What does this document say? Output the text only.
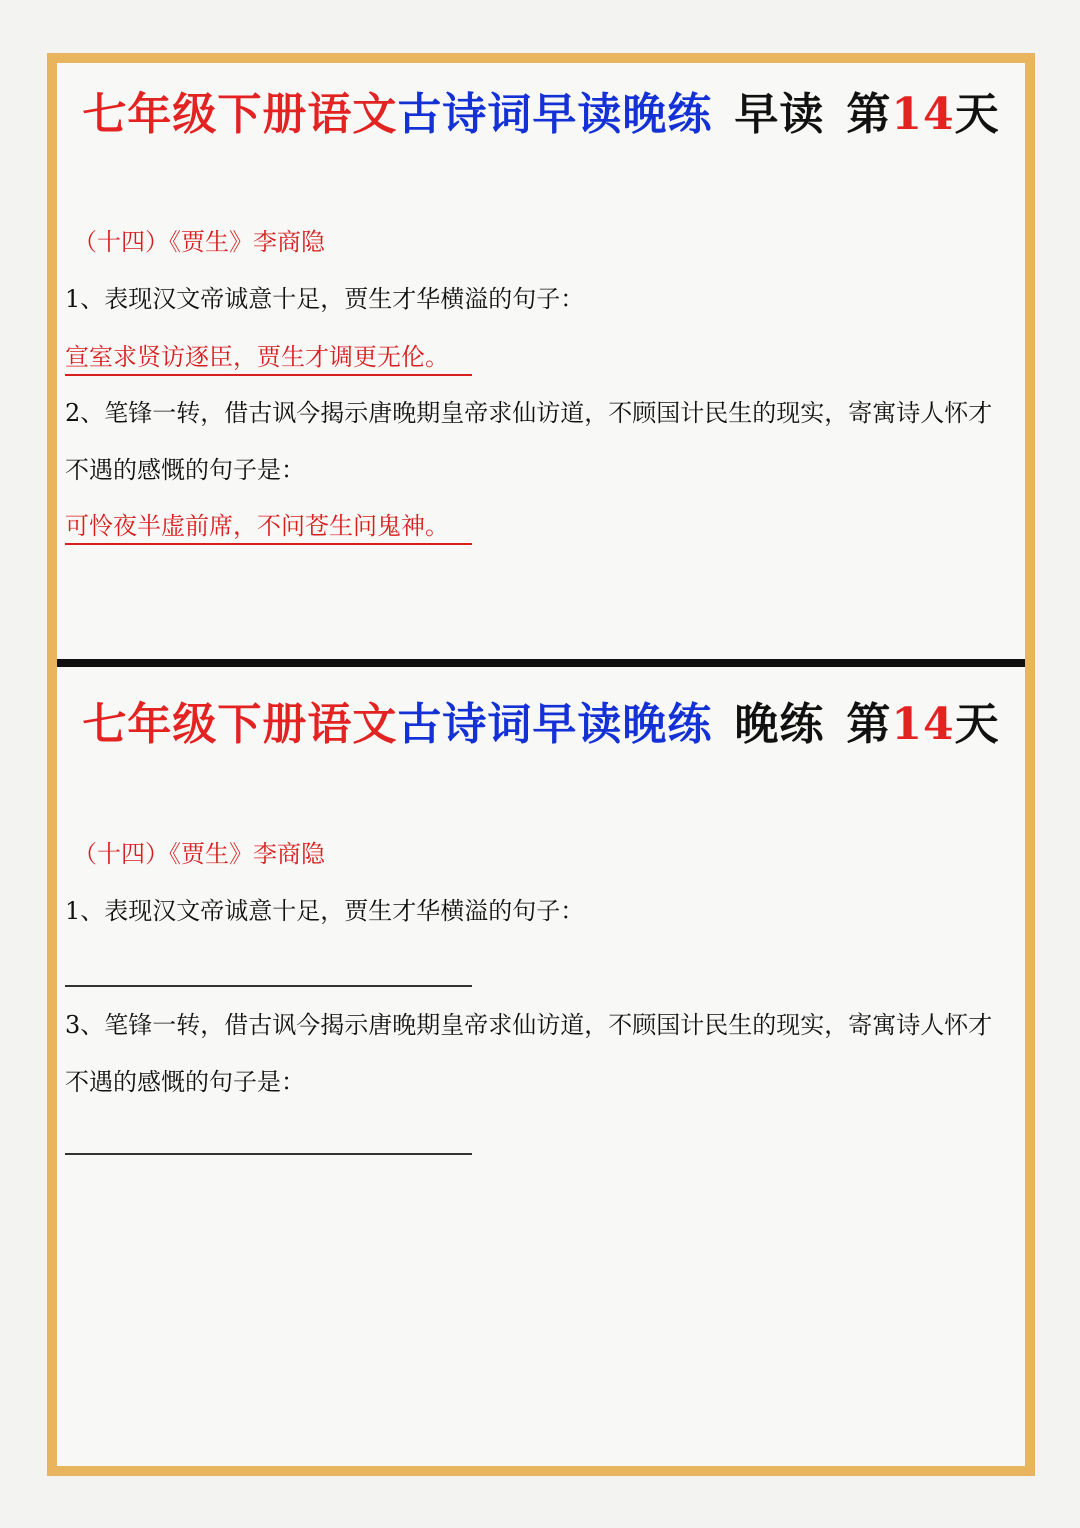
七年级下册语文古诗词早读晚练 早读 第14天
（十四）《贾生》李商隐
1、表现汉文帝诚意十足，贾生才华横溢的句子：
宣室求贤访逐臣，贾生才调更无伦。
2、笔锋一转，借古讽今揭示唐晚期皇帝求仙访道，不顾国计民生的现实，寄寓诗人怀才不遇的感慨的句子是：
可怜夜半虚前席，不问苍生问鬼神。
七年级下册语文古诗词早读晚练 晚练 第14天
（十四）《贾生》李商隐
1、表现汉文帝诚意十足，贾生才华横溢的句子：
3、笔锋一转，借古讽今揭示唐晚期皇帝求仙访道，不顾国计民生的现实，寄寓诗人怀才不遇的感慨的句子是：
